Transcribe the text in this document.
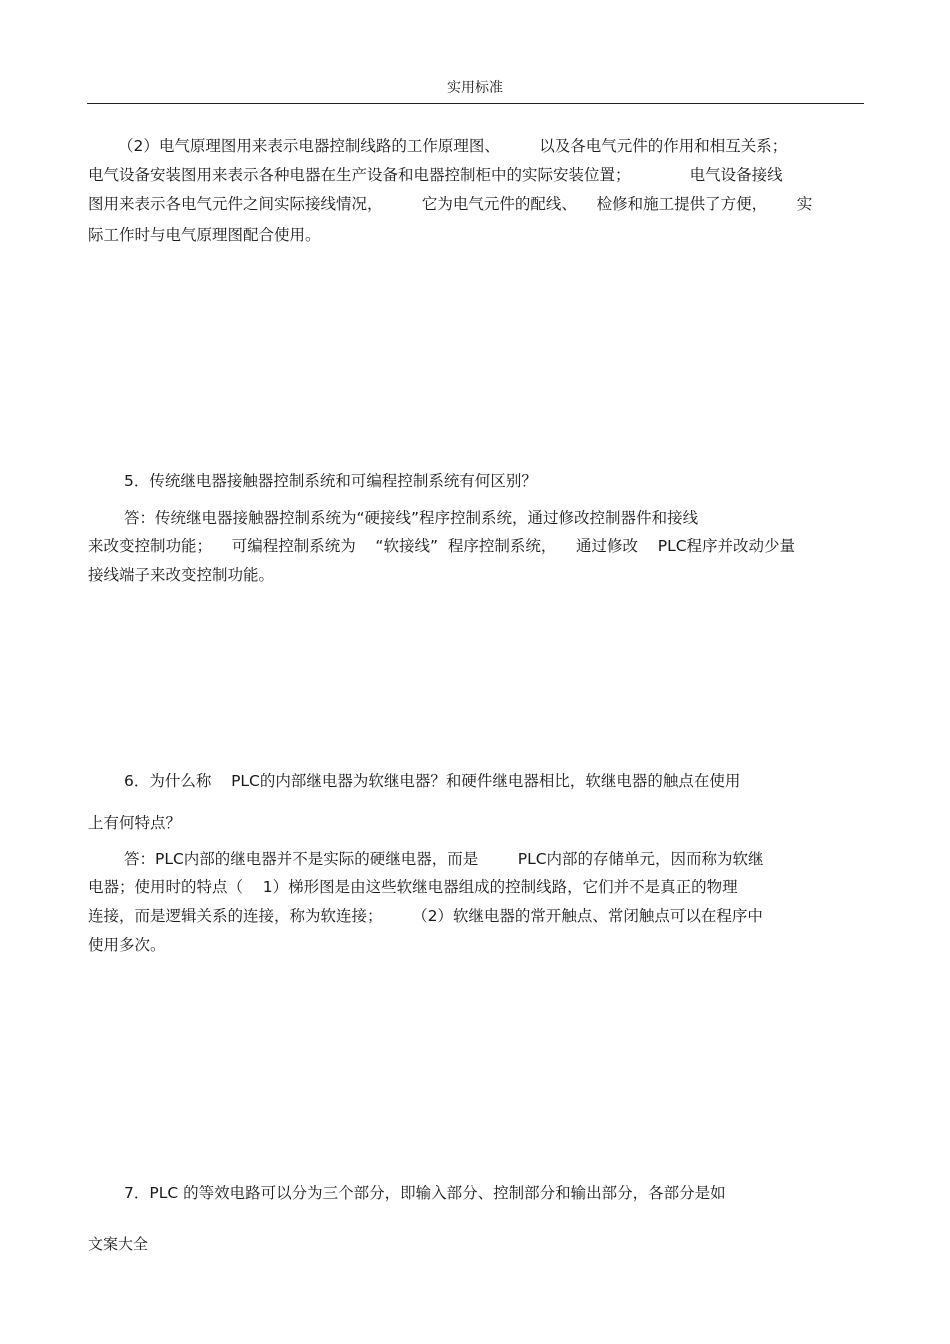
实用标准
（2）电气原理图用来表示电器控制线路的工作原理图、        以及各电气元件的作用和相互关系；
电气设备安装图用来表示各种电器在生产设备和电器控制柜中的实际安装位置；            电气设备接线
图用来表示各电气元件之间实际接线情况，        它为电气元件的配线、    检修和施工提供了方便，      实
际工作时与电气原理图配合使用。
5．传统继电器接触器控制系统和可编程控制系统有何区别？
答：传统继电器接触器控制系统为“硬接线”程序控制系统，通过修改控制器件和接线
来改变控制功能；    可编程控制系统为    “软接线”  程序控制系统，    通过修改    PLC程序并改动少量
接线端子来改变控制功能。
6．为什么称    PLC的内部继电器为软继电器？和硬件继电器相比，软继电器的触点在使用
上有何特点？
答：PLC内部的继电器并不是实际的硬继电器，而是        PLC内部的存储单元，因而称为软继
电器；使用时的特点（    1）梯形图是由这些软继电器组成的控制线路，它们并不是真正的物理
连接，而是逻辑关系的连接，称为软连接；      （2）软继电器的常开触点、常闭触点可以在程序中
使用多次。
7．PLC 的等效电路可以分为三个部分，即输入部分、控制部分和输出部分，各部分是如
文案大全
